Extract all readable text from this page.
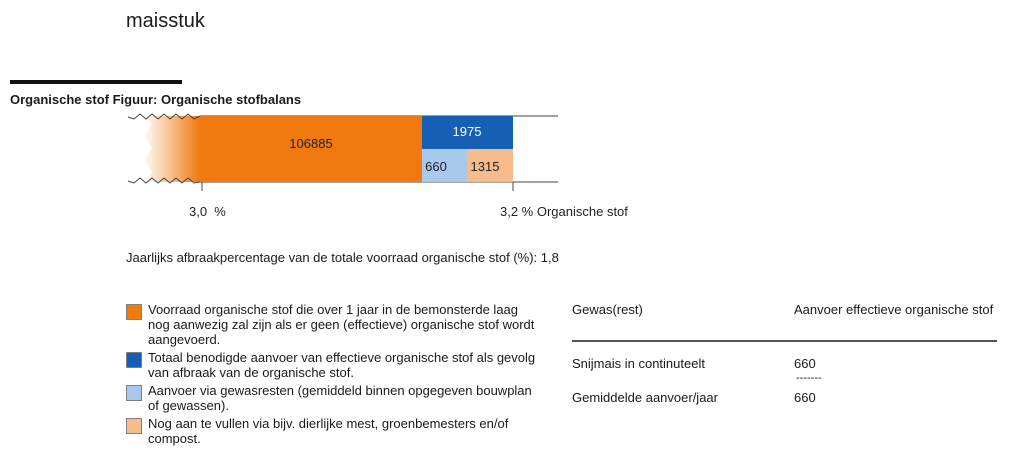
maisstuk
Organische stof Figuur: Organische stofbalans
106885
1975
660 1315
3,0  %	3,2 % Organische stof
Jaarlijks afbraakpercentage van de totale voorraad organische stof (%): 1,8
Voorraad organische stof die over 1 jaar in de bemonsterde laag nog aanwezig zal zijn als er geen (effectieve) organische stof wordt aangevoerd.
Totaal benodigde aanvoer van effectieve organische stof als gevolg van afbraak van de organische stof.
Aanvoer via gewasresten (gemiddeld binnen opgegeven bouwplan of gewassen).
Nog aan te vullen via bijv. dierlijke mest, groenbemesters en/of compost.
Gewas(rest)	Aanvoer effectieve organische stof
Snijmais in continuteelt	660
-------
Gemiddelde aanvoer/jaar	660
